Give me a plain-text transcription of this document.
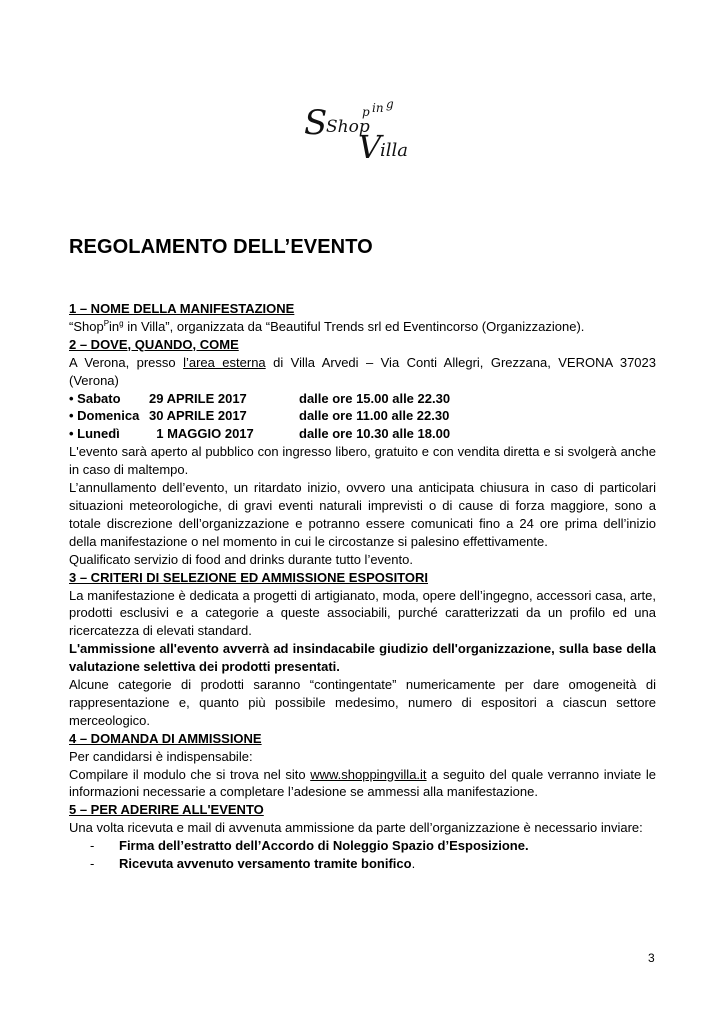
S
Shop
p in g
V
illa
REGOLAMENTO DELL’EVENTO

1 – NOME DELLA MANIFESTAZIONE

“$Shop^Pin^g$ in Villa”, organizzata da “Beautiful Trends srl ed Eventincorso (Organizzazione).

2 – DOVE, QUANDO, COME

A Verona, presso l’area esterna di Villa Arvedi – Via Conti Allegri, Grezzana, VERONA 37023 (Verona)

• Sabato	29 APRILE 2017	dalle ore 15.00 alle 22.30
• Domenica 30 APRILE 2017	dalle ore 11.00 alle 22.30
• Lunedì	1 MAGGIO 2017	dalle ore 10.30 alle 18.00

L'evento sarà aperto al pubblico con ingresso libero, gratuito e con vendita diretta e si svolgerà anche in caso di maltempo.

L’annullamento dell’evento, un ritardato inizio, ovvero una anticipata chiusura in caso di particolari situazioni meteorologiche, di gravi eventi naturali imprevisti o di cause di forza maggiore, sono a totale discrezione dell’organizzazione e potranno essere comunicati fino a 24 ore prima dell’inizio della manifestazione o nel momento in cui le circostanze si palesino effettivamente.

Qualificato servizio di food and drinks durante tutto l’evento.

3 – CRITERI DI SELEZIONE ED AMMISSIONE ESPOSITORI

La manifestazione è dedicata a progetti di artigianato, moda, opere dell’ingegno, accessori casa, arte, prodotti esclusivi e a categorie a queste associabili, purché caratterizzati da un profilo ed una ricercatezza di elevati standard.

L'ammissione all'evento avverrà ad insindacabile giudizio dell'organizzazione, sulla base della valutazione selettiva dei prodotti presentati.

Alcune categorie di prodotti saranno “contingentate” numericamente per dare omogeneità di rappresentazione e, quanto più possibile medesimo, numero di espositori a ciascun settore merceologico.

4 – DOMANDA DI AMMISSIONE

Per candidarsi è indispensabile:

Compilare il modulo che si trova nel sito www.shoppingvilla.it a seguito del quale verranno inviate le informazioni necessarie a completare l’adesione se ammessi alla manifestazione.

5 – PER ADERIRE ALL'EVENTO

Una volta ricevuta e mail di avvenuta ammissione da parte dell’organizzazione è necessario inviare:

-	Firma dell’estratto dell’Accordo di Noleggio Spazio d’Esposizione.
-	Ricevuta avvenuto versamento tramite bonifico.
3
